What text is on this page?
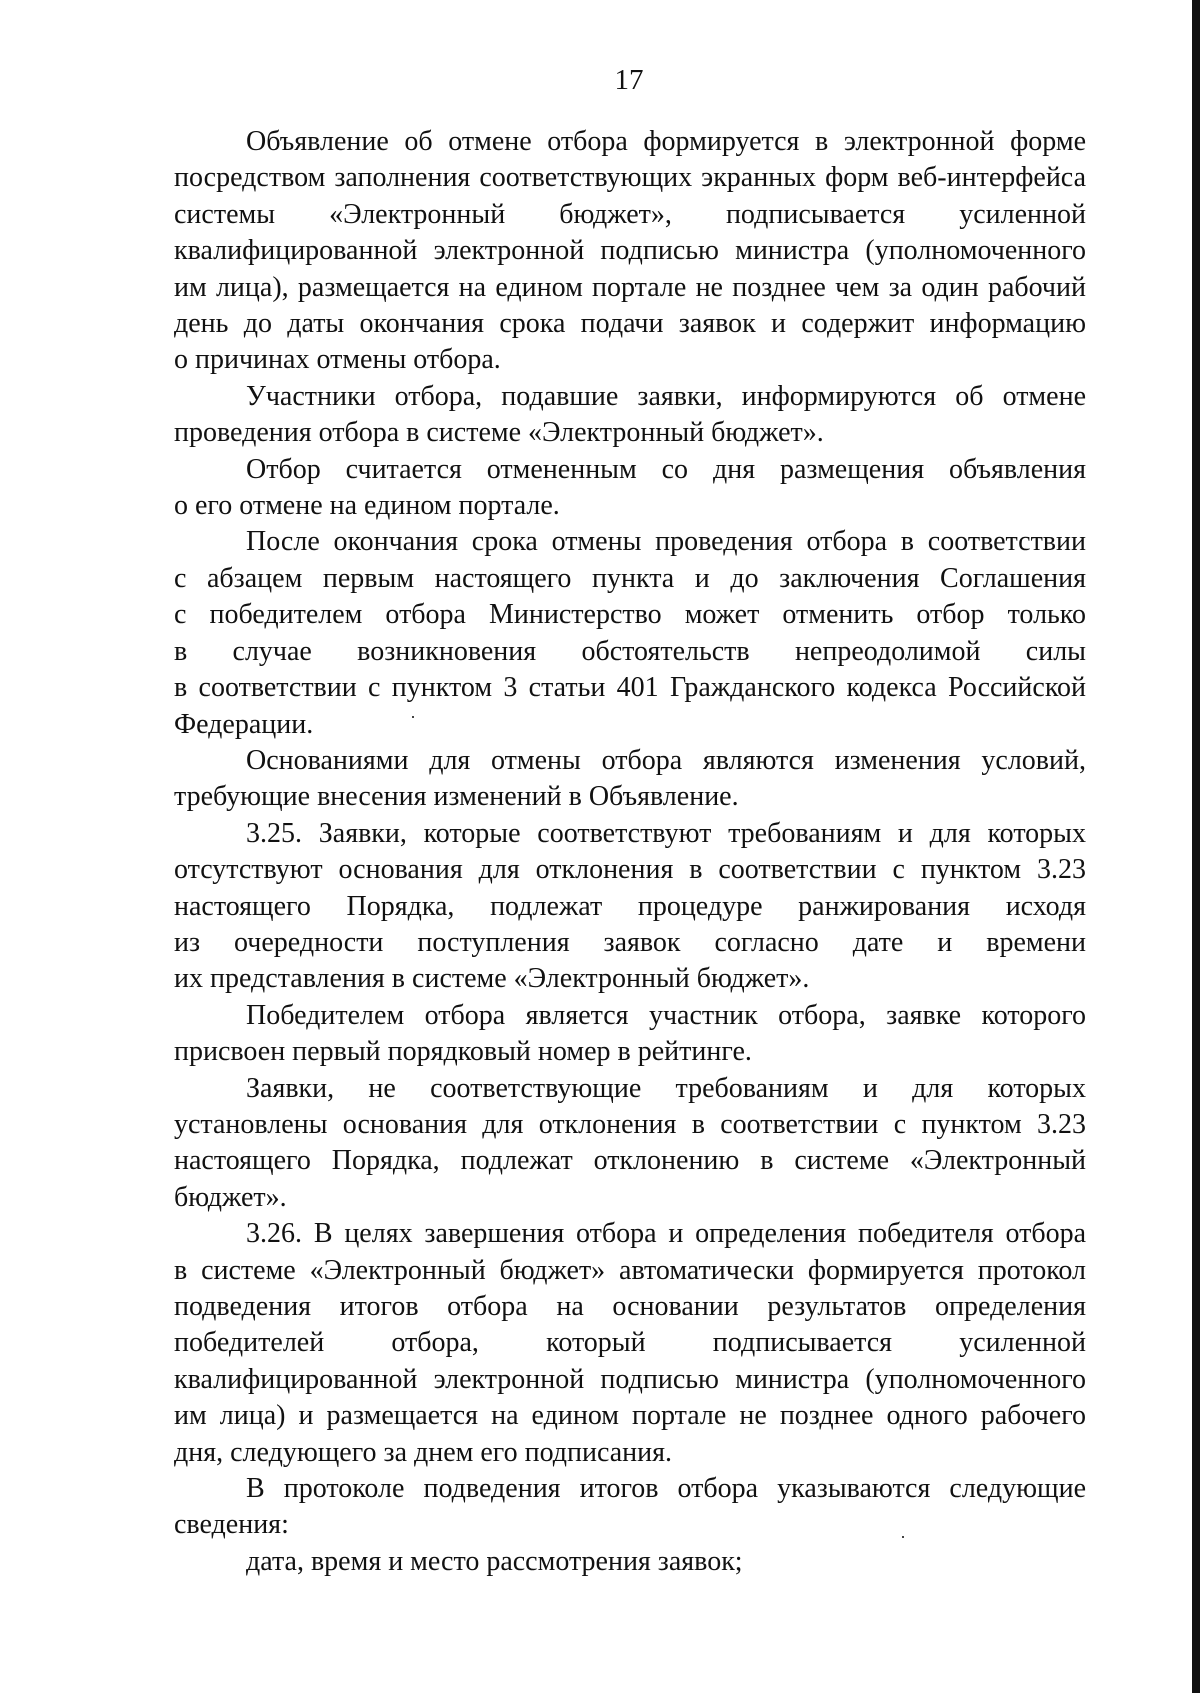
17

Объявление об отмене отбора формируется в электронной форме
посредством заполнения соответствующих экранных форм веб-интерфейса
системы «Электронный бюджет», подписывается усиленной
квалифицированной электронной подписью министра (уполномоченного
им лица), размещается на едином портале не позднее чем за один рабочий
день до даты окончания срока подачи заявок и содержит информацию
о причинах отмены отбора.

Участники отбора, подавшие заявки, информируются об отмене
проведения отбора в системе «Электронный бюджет».

Отбор считается отмененным со дня размещения объявления
о его отмене на едином портале.

После окончания срока отмены проведения отбора в соответствии
с абзацем первым настоящего пункта и до заключения Соглашения
с победителем отбора Министерство может отменить отбор только
в случае возникновения обстоятельств непреодолимой силы
в соответствии с пунктом 3 статьи 401 Гражданского кодекса Российской
Федерации.

Основаниями для отмены отбора являются изменения условий,
требующие внесения изменений в Объявление.

3.25. Заявки, которые соответствуют требованиям и для которых
отсутствуют основания для отклонения в соответствии с пунктом 3.23
настоящего Порядка, подлежат процедуре ранжирования исходя
из очередности поступления заявок согласно дате и времени
их представления в системе «Электронный бюджет».

Победителем отбора является участник отбора, заявке которого
присвоен первый порядковый номер в рейтинге.

Заявки, не соответствующие требованиям и для которых
установлены основания для отклонения в соответствии с пунктом 3.23
настоящего Порядка, подлежат отклонению в системе «Электронный
бюджет».

3.26. В целях завершения отбора и определения победителя отбора
в системе «Электронный бюджет» автоматически формируется протокол
подведения итогов отбора на основании результатов определения
победителей отбора, который подписывается усиленной
квалифицированной электронной подписью министра (уполномоченного
им лица) и размещается на едином портале не позднее одного рабочего
дня, следующего за днем его подписания.

В протоколе подведения итогов отбора указываются следующие
сведения:

дата, время и место рассмотрения заявок;
